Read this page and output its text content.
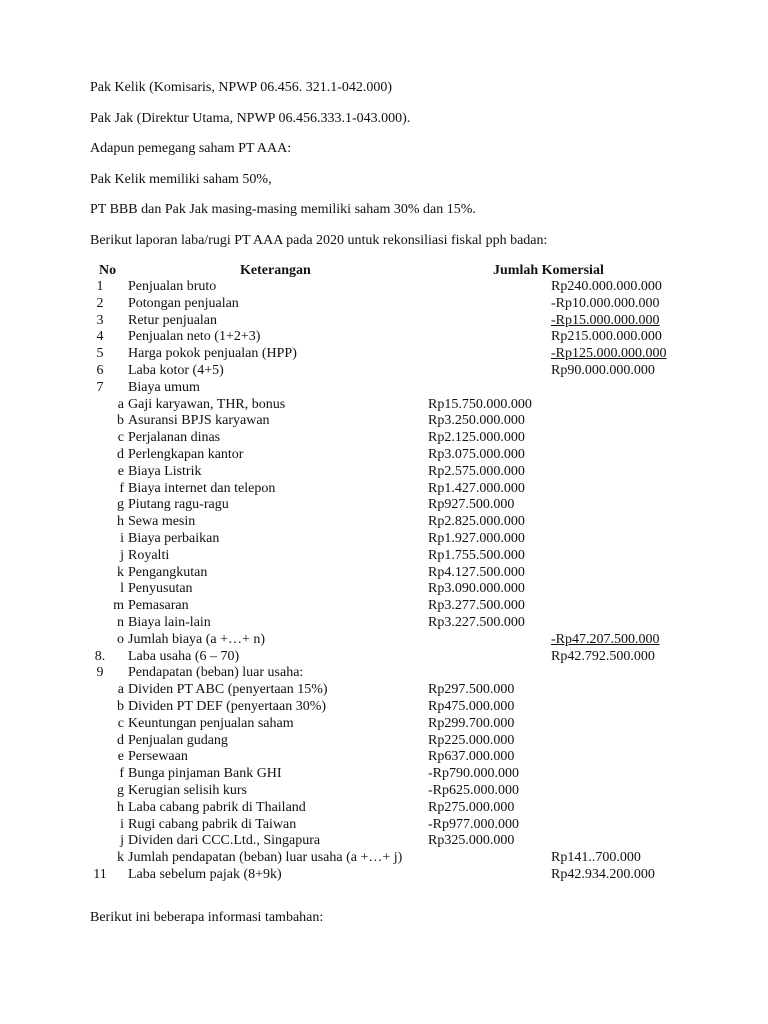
Pak Kelik (Komisaris, NPWP 06.456. 321.1-042.000)

Pak Jak (Direktur Utama, NPWP 06.456.333.1-043.000).

Adapun pemegang saham PT AAA:

Pak Kelik memiliki saham 50%,

PT BBB dan Pak Jak masing-masing memiliki saham 30% dan 15%.

Berikut laporan laba/rugi PT AAA pada 2020 untuk rekonsiliasi fiskal pph badan:

No	Keterangan	Jumlah Komersial
1	Penjualan bruto	Rp240.000.000.000
2	Potongan penjualan	-Rp10.000.000.000
3	Retur penjualan	-Rp15.000.000.000
4	Penjualan neto (1+2+3)	Rp215.000.000.000
5	Harga pokok penjualan (HPP)	-Rp125.000.000.000
6	Laba kotor (4+5)	Rp90.000.000.000
7	Biaya umum
a Gaji karyawan, THR, bonus	Rp15.750.000.000
b Asuransi BPJS karyawan	Rp3.250.000.000
c Perjalanan dinas	Rp2.125.000.000
d Perlengkapan kantor	Rp3.075.000.000
e Biaya Listrik	Rp2.575.000.000
f Biaya internet dan telepon	Rp1.427.000.000
g Piutang ragu-ragu	Rp927.500.000
h Sewa mesin	Rp2.825.000.000
i Biaya perbaikan	Rp1.927.000.000
j Royalti	Rp1.755.500.000
k Pengangkutan	Rp4.127.500.000
l Penyusutan	Rp3.090.000.000
m Pemasaran	Rp3.277.500.000
n Biaya lain-lain	Rp3.227.500.000
o Jumlah biaya (a +…+ n)	-Rp47.207.500.000
8.	Laba usaha (6 – 70)	Rp42.792.500.000
9	Pendapatan (beban) luar usaha:
a Dividen PT ABC (penyertaan 15%)	Rp297.500.000
b Dividen PT DEF (penyertaan 30%)	Rp475.000.000
c Keuntungan penjualan saham	Rp299.700.000
d Penjualan gudang	Rp225.000.000
e Persewaan	Rp637.000.000
f Bunga pinjaman Bank GHI	-Rp790.000.000
g Kerugian selisih kurs	-Rp625.000.000
h Laba cabang pabrik di Thailand	Rp275.000.000
i Rugi cabang pabrik di Taiwan	-Rp977.000.000
j Dividen dari CCC.Ltd., Singapura	Rp325.000.000
k Jumlah pendapatan (beban) luar usaha (a +…+ j)	Rp141..700.000
11	Laba sebelum pajak (8+9k)	Rp42.934.200.000

Berikut ini beberapa informasi tambahan:
